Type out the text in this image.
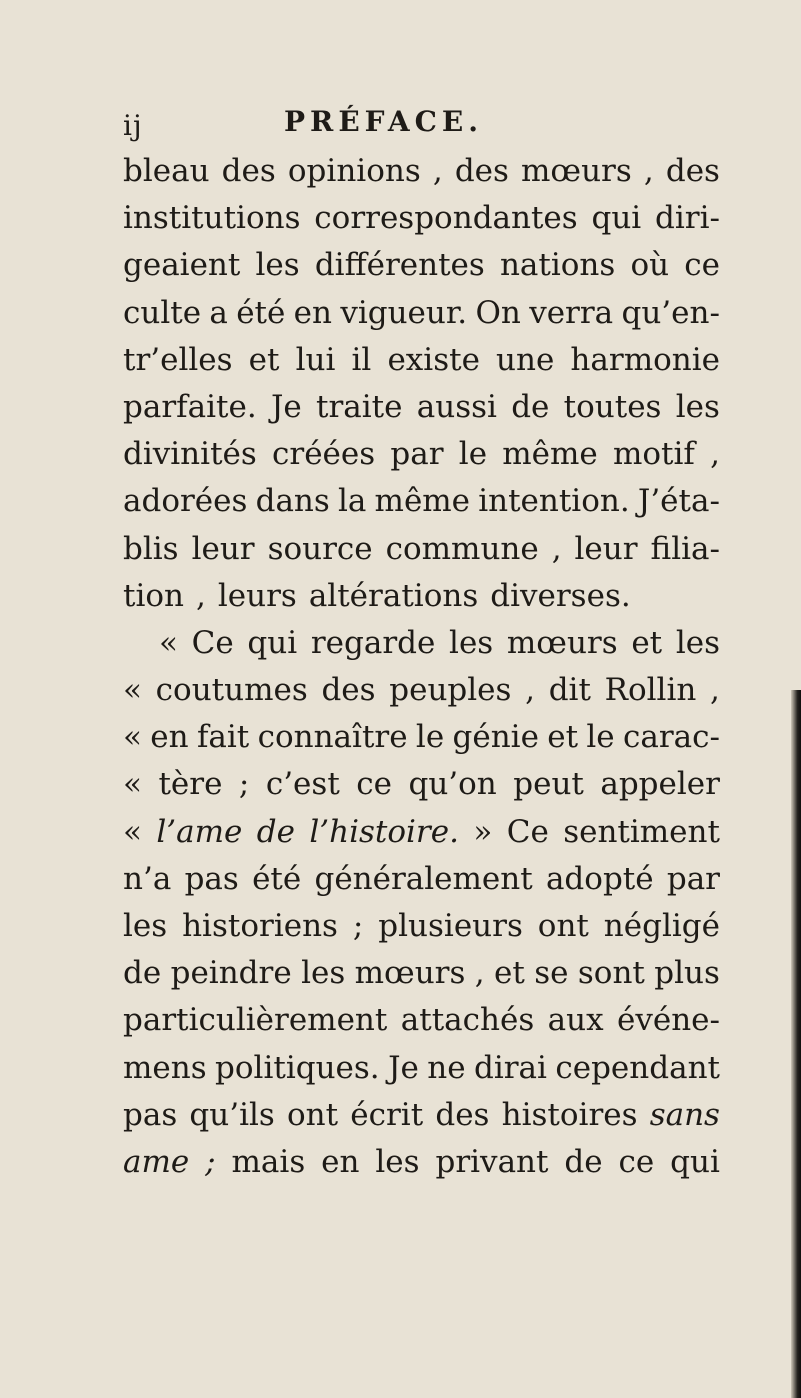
ij	PRÉFACE.
bleau des opinions , des mœurs , des
institutions correspondantes qui diri-
geaient les différentes nations où ce
culte a été en vigueur. On verra qu’en-
tr’elles et lui il existe une harmonie
parfaite. Je traite aussi de toutes les
divinités créées par le même motif ,
adorées dans la même intention. J’éta-
blis leur source commune , leur filia-
tion , leurs altérations diverses.
« Ce qui regarde les mœurs et les
« coutumes des peuples , dit Rollin ,
« en fait connaître le génie et le carac-
« tère ; c’est ce qu’on peut appeler
« l’ame de l’histoire. » Ce sentiment
n’a pas été généralement adopté par
les historiens ; plusieurs ont négligé
de peindre les mœurs , et se sont plus
particulièrement attachés aux événe-
mens politiques. Je ne dirai cependant
pas qu’ils ont écrit des histoires sans
ame ; mais en les privant de ce qui
